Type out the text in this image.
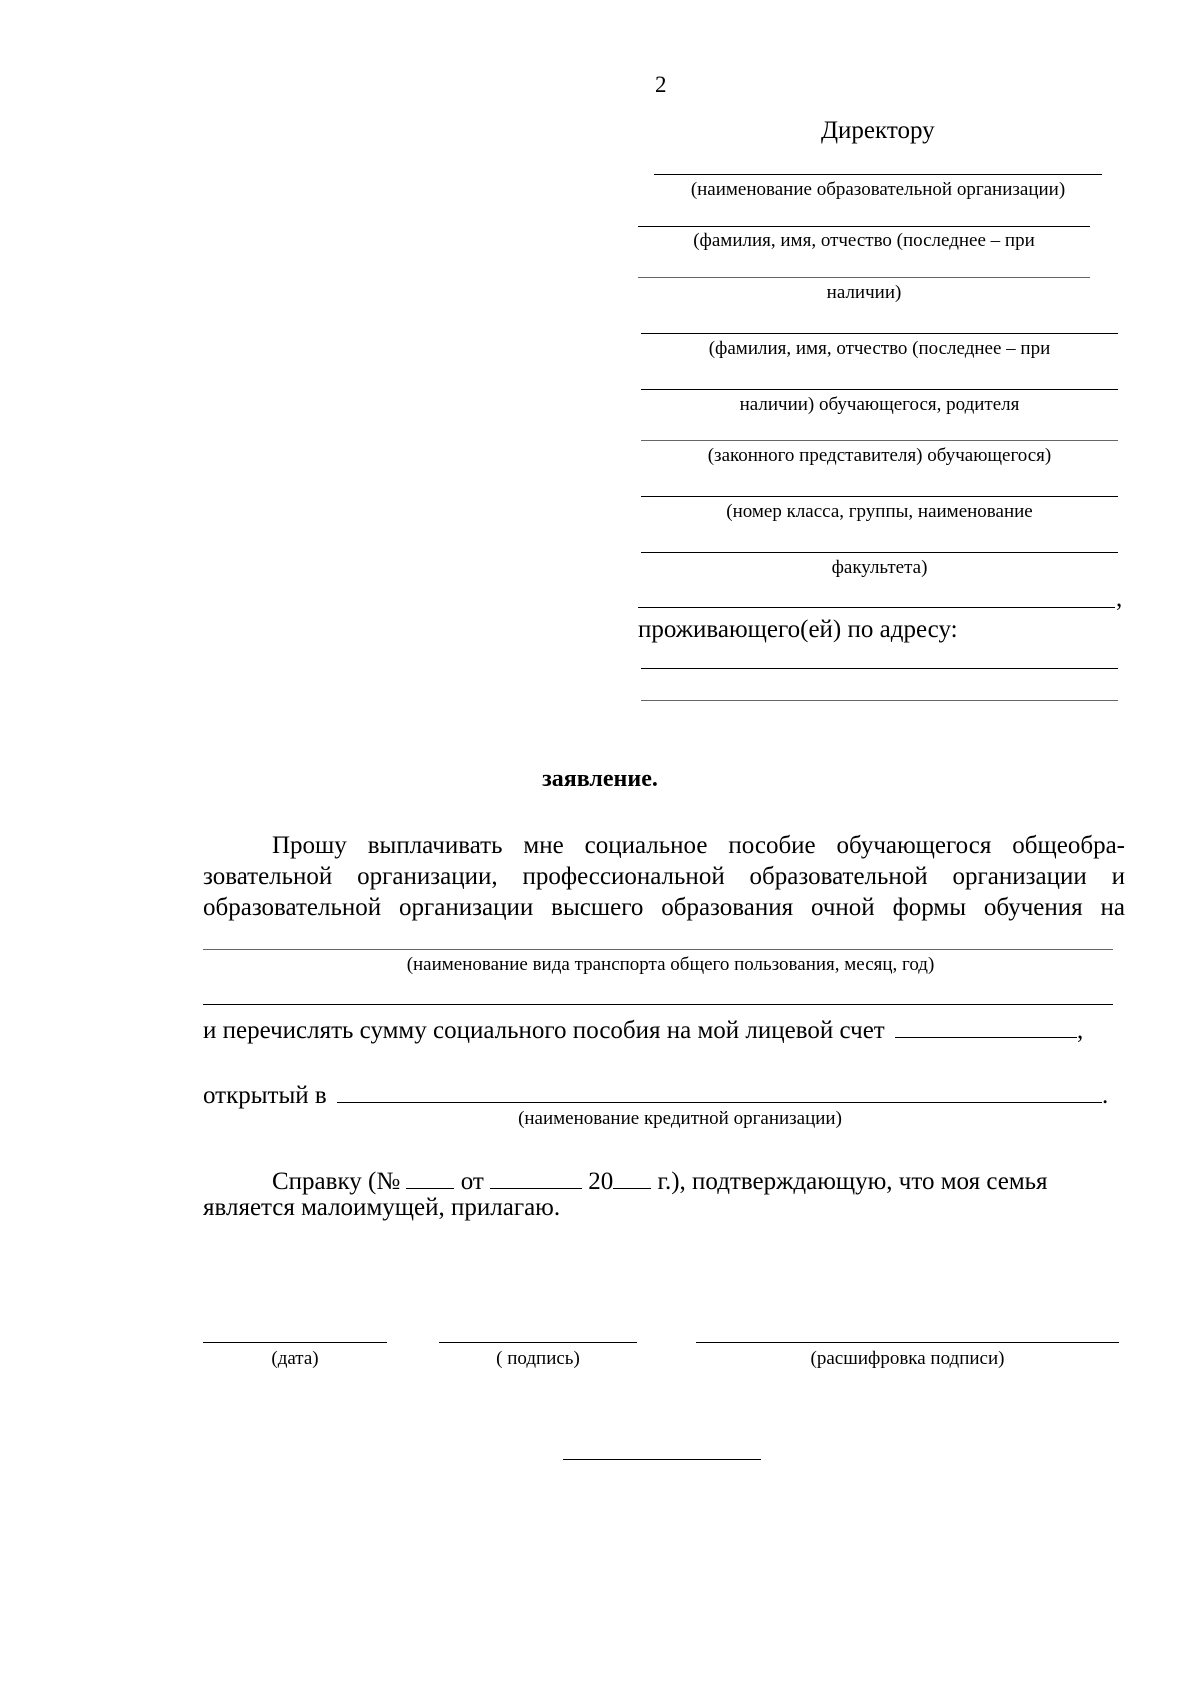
2
Директору
(наименование образовательной организации)
(фамилия, имя, отчество (последнее – при
наличии)
(фамилия, имя, отчество (последнее – при
наличии) обучающегося, родителя
(законного представителя) обучающегося)
(номер класса, группы, наименование
факультета)
,
проживающего(ей) по адресу:
заявление.
Прошу выплачивать мне социальное пособие обучающегося общеобра-
зовательной организации, профессиональной образовательной организации и
образовательной организации высшего образования очной формы обучения на
(наименование вида транспорта общего пользования, месяц, год)
и перечислять сумму социального пособия на мой лицевой счет	,
открытый в	.
(наименование кредитной организации)
Справку (№ от	20 г.), подтверждающую, что моя семья
является малоимущей, прилагаю.
(дата)	( подпись)	(расшифровка подписи)
